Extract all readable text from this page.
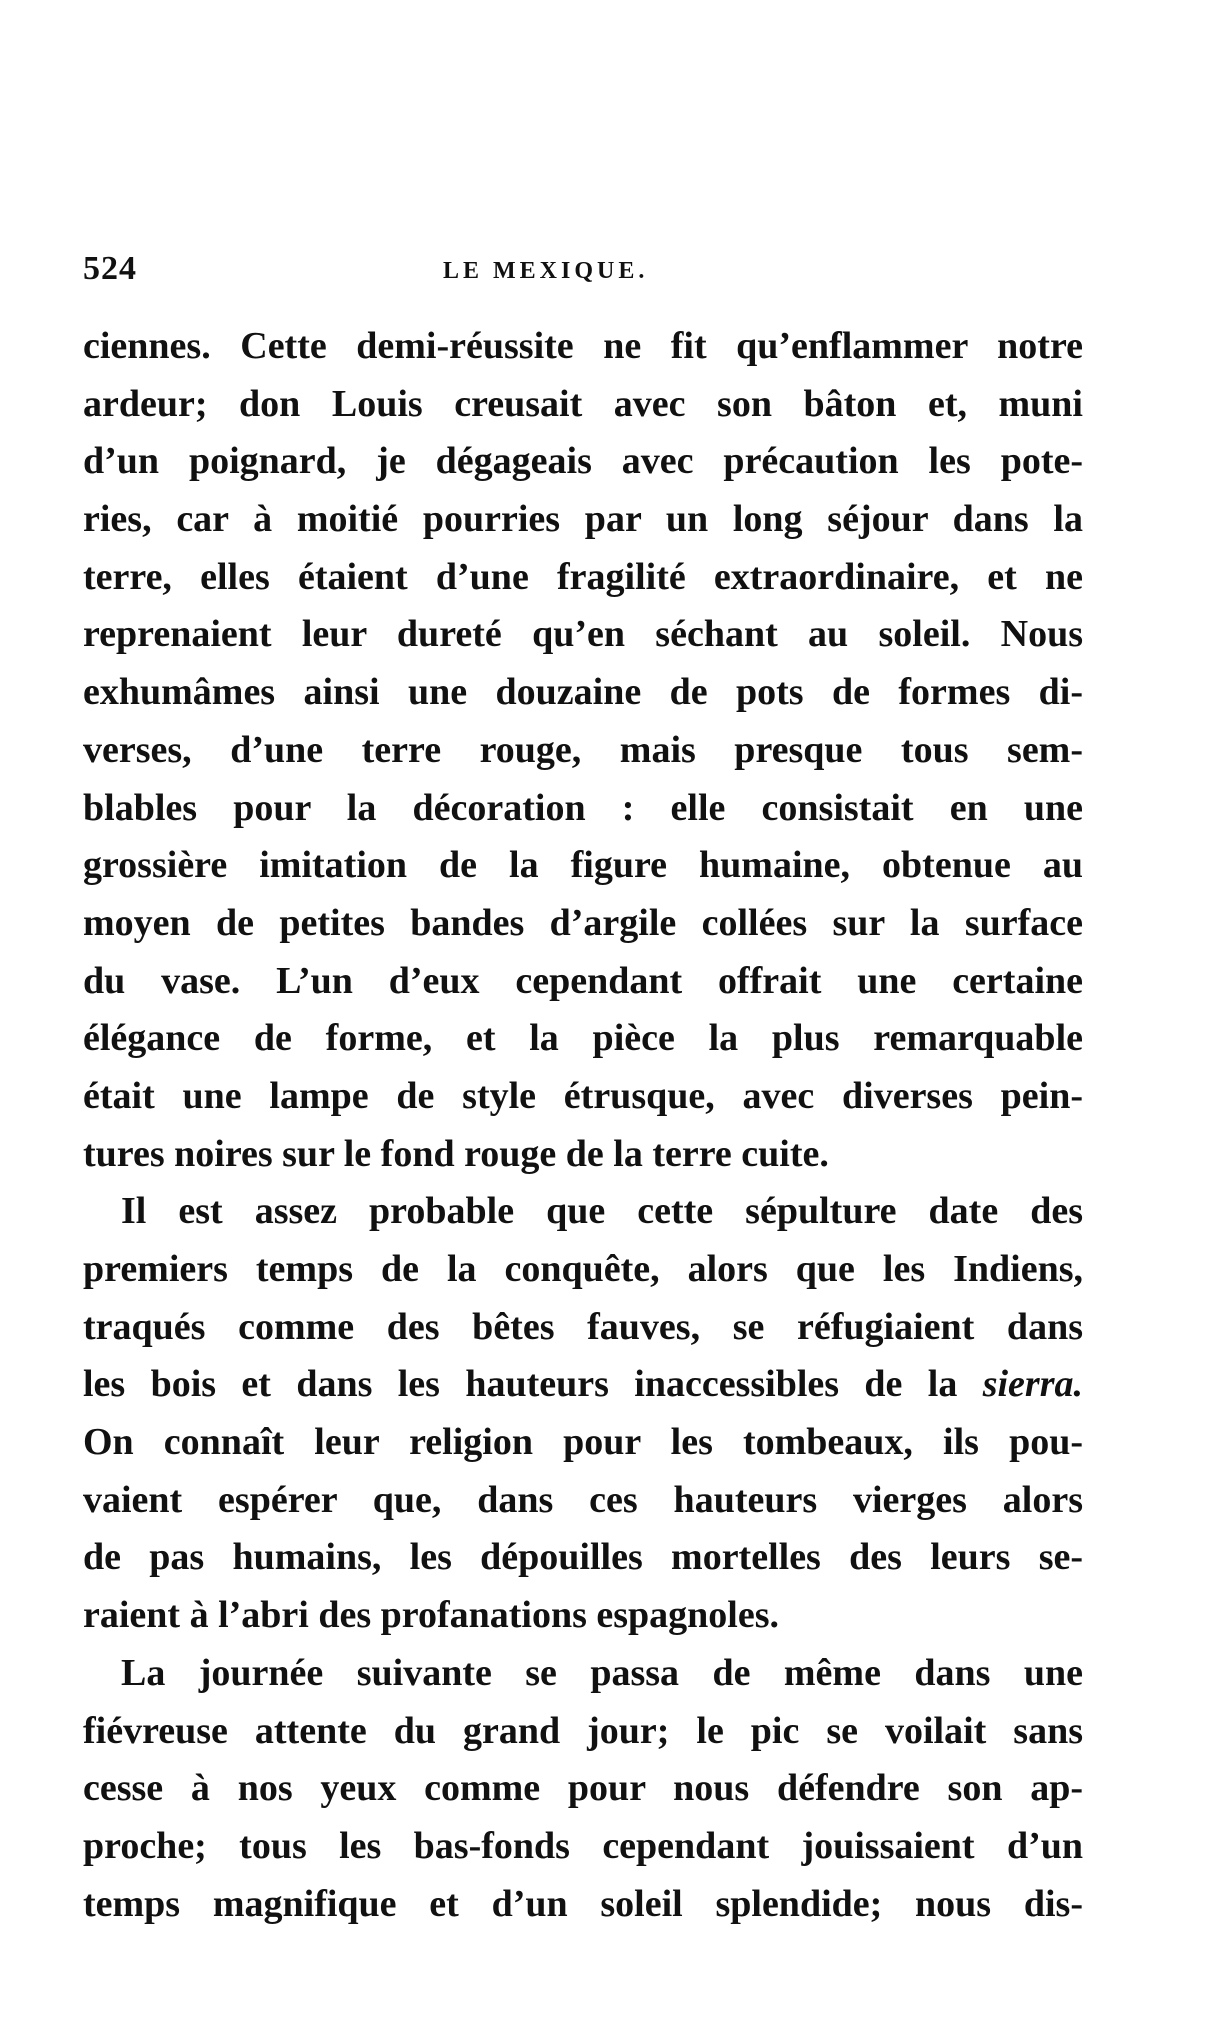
524	LE MEXIQUE.
ciennes. Cette demi-réussite ne fit qu’enflammer notre
ardeur; don Louis creusait avec son bâton et, muni
d’un poignard, je dégageais avec précaution les pote-
ries, car à moitié pourries par un long séjour dans la
terre, elles étaient d’une fragilité extraordinaire, et ne
reprenaient leur dureté qu’en séchant au soleil. Nous
exhumâmes ainsi une douzaine de pots de formes di-
verses, d’une terre rouge, mais presque tous sem-
blables pour la décoration : elle consistait en une
grossière imitation de la figure humaine, obtenue au
moyen de petites bandes d’argile collées sur la surface
du vase. L’un d’eux cependant offrait une certaine
élégance de forme, et la pièce la plus remarquable
était une lampe de style étrusque, avec diverses pein-
tures noires sur le fond rouge de la terre cuite.
Il est assez probable que cette sépulture date des
premiers temps de la conquête, alors que les Indiens,
traqués comme des bêtes fauves, se réfugiaient dans
les bois et dans les hauteurs inaccessibles de la sierra.
On connaît leur religion pour les tombeaux, ils pou-
vaient espérer que, dans ces hauteurs vierges alors
de pas humains, les dépouilles mortelles des leurs se-
raient à l’abri des profanations espagnoles.
La journée suivante se passa de même dans une
fiévreuse attente du grand jour; le pic se voilait sans
cesse à nos yeux comme pour nous défendre son ap-
proche; tous les bas-fonds cependant jouissaient d’un
temps magnifique et d’un soleil splendide; nous dis-
